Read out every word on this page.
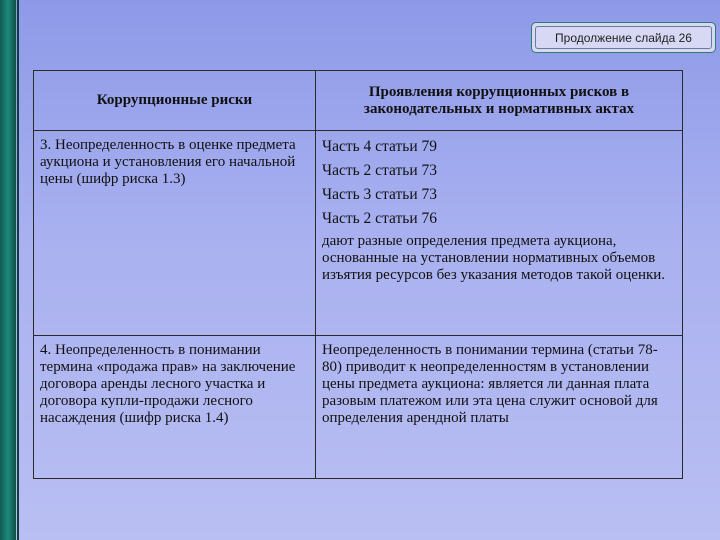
Продолжение слайда 26
Коррупционные риски	Проявления коррупционных рисков в законодательных и нормативных актах
3. Неопределенность в оценке предмета аукциона и установления его начальной цены (шифр риска 1.3)	Часть 4 статьи 79
Часть 2 статьи 73
Часть 3 статьи 73
Часть 2 статьи 76
дают разные определения предмета аукциона, основанные на установлении нормативных объемов изъятия ресурсов без указания методов такой оценки.

4. Неопределенность в понимании термина «продажа прав» на заключение договора аренды лесного участка и договора купли-продажи лесного насаждения (шифр риска 1.4)	Неопределенность в понимании термина (статьи 78-80) приводит к неопределенностям в установлении цены предмета аукциона: является ли данная плата разовым платежом или эта цена служит основой для определения арендной платы
